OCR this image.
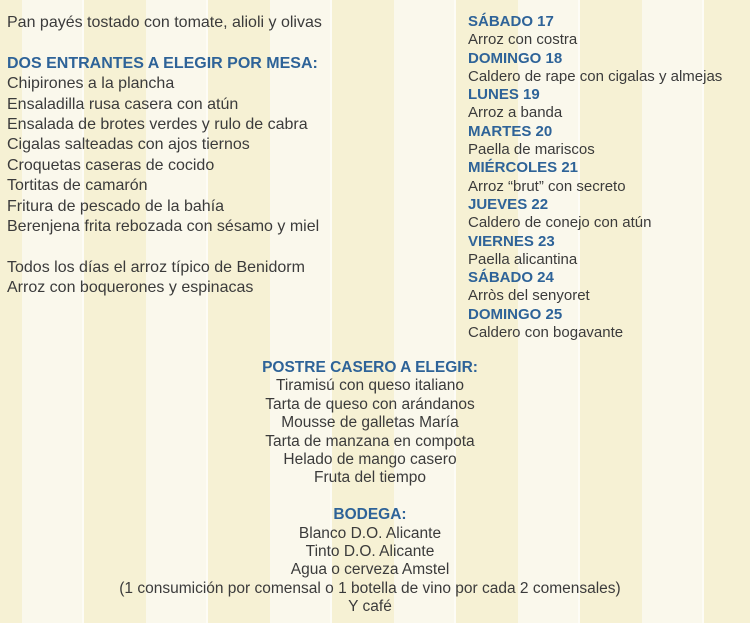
Pan payés tostado con tomate, alioli y olivas
DOS ENTRANTES A ELEGIR POR MESA:
Chipirones a la plancha
Ensaladilla rusa casera con atún
Ensalada de brotes verdes y rulo de cabra
Cigalas salteadas con ajos tiernos
Croquetas caseras de cocido
Tortitas de camarón
Fritura de pescado de la bahía
Berenjena frita rebozada con sésamo y miel
Todos los días el arroz típico de Benidorm
Arroz con boquerones y espinacas
SÁBADO 17
Arroz con costra
DOMINGO 18
Caldero de rape con cigalas y almejas
LUNES 19
Arroz a banda
MARTES 20
Paella de mariscos
MIÉRCOLES 21
Arroz “brut” con secreto
JUEVES 22
Caldero de conejo con atún
VIERNES 23
Paella alicantina
SÁBADO 24
Arròs del senyoret
DOMINGO 25
Caldero con bogavante
POSTRE CASERO A ELEGIR:
Tiramisú con queso italiano
Tarta de queso con arándanos
Mousse de galletas María
Tarta de manzana en compota
Helado de mango casero
Fruta del tiempo
BODEGA:
Blanco D.O. Alicante
Tinto D.O. Alicante
Agua o cerveza Amstel
(1 consumición por comensal o 1 botella de vino por cada 2 comensales)
Y café
